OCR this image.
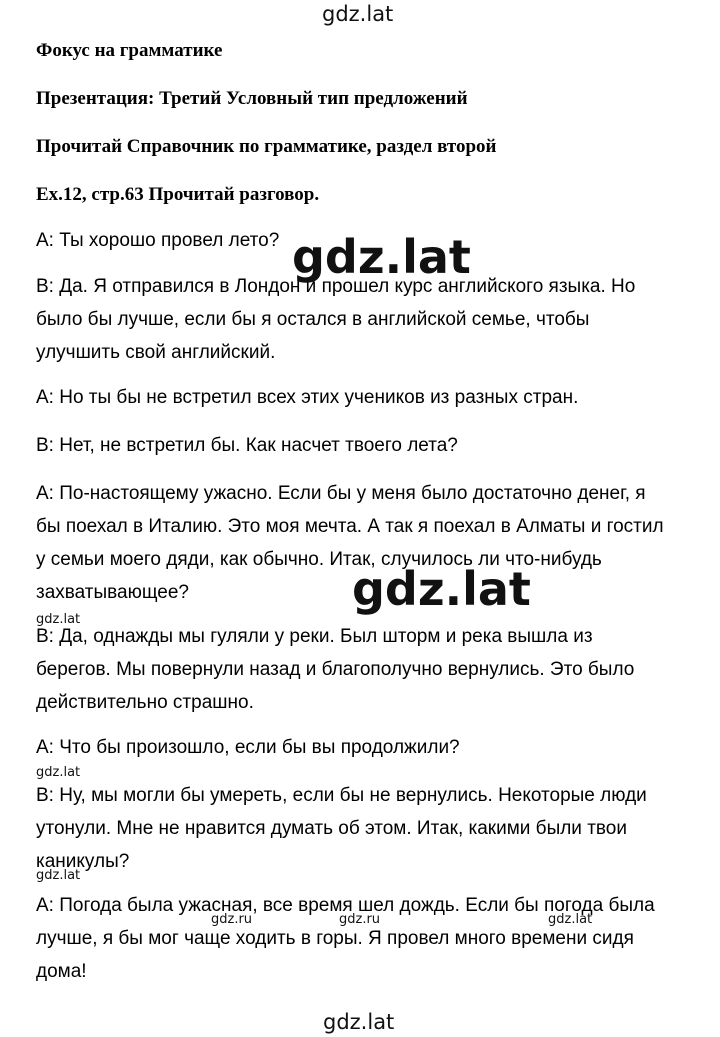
gdz.lat
Фокус на грамматике
Презентация: Третий Условный тип предложений
Прочитай Справочник по грамматике, раздел второй
Ex.12, стр.63 Прочитай разговор.
A: Ты хорошо провел лето?
В: Да. Я отправился в Лондон и прошел курс английского языка. Но
было бы лучше, если бы я остался в английской семье, чтобы
улучшить свой английский.
A: Но ты бы не встретил всех этих учеников из разных стран.
В: Нет, не встретил бы. Как насчет твоего лета?
A: По-настоящему ужасно. Если бы у меня было достаточно денег, я
бы поехал в Италию. Это моя мечта. А так я поехал в Алматы и гостил
у семьи моего дяди, как обычно. Итак, случилось ли что-нибудь
захватывающее?
В: Да, однажды мы гуляли у реки. Был шторм и река вышла из
берегов. Мы повернули назад и благополучно вернулись. Это было
действительно страшно.
A: Что бы произошло, если бы вы продолжили?
В: Ну, мы могли бы умереть, если бы не вернулись. Некоторые люди
утонули. Мне не нравится думать об этом. Итак, какими были твои
каникулы?
A: Погода была ужасная, все время шел дождь. Если бы погода была
лучше, я бы мог чаще ходить в горы. Я провел много времени сидя
дома!
gdz.lat
gdz.lat
gdz.lat
gdz.lat
gdz.lat
gdz.ru	gdz.ru	gdz.lat
gdz.lat
